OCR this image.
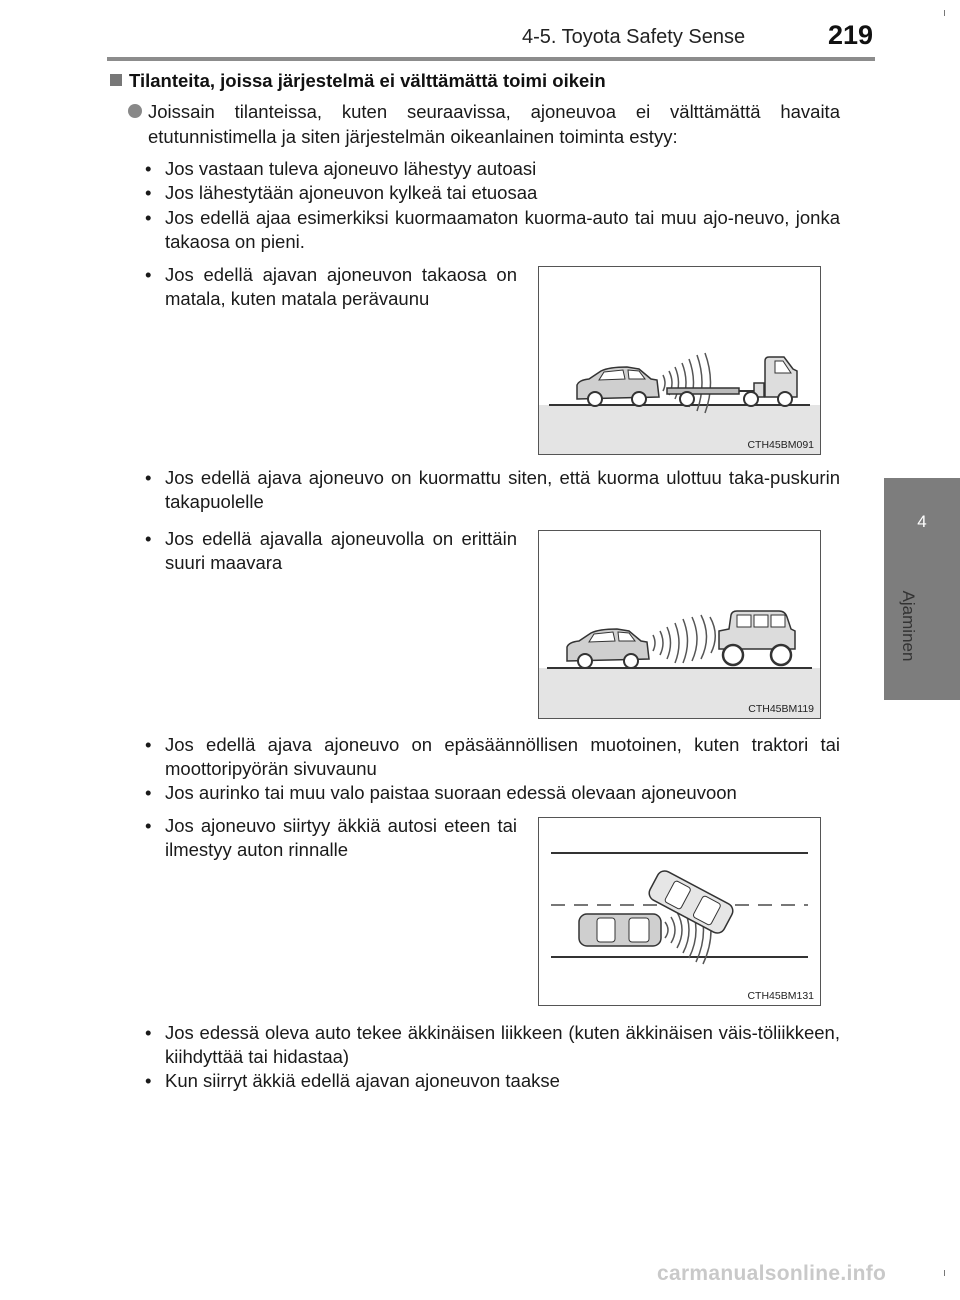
4-5. Toyota Safety Sense	219
4
Ajaminen
Tilanteita, joissa järjestelmä ei välttämättä toimi oikein

Joissain tilanteissa, kuten seuraavissa, ajoneuvoa ei välttämättä havaita etutunnistimella ja siten järjestelmän oikeanlainen toiminta estyy:

• Jos vastaan tuleva ajoneuvo lähestyy autoasi
• Jos lähestytään ajoneuvon kylkeä tai etuosaa
• Jos edellä ajaa esimerkiksi kuormaamaton kuorma-auto tai muu ajo-neuvo, jonka takaosa on pieni.
• Jos edellä ajavan ajoneuvon takaosa on matala, kuten matala perävaunu
CTH45BM091
• Jos edellä ajava ajoneuvo on kuormattu siten, että kuorma ulottuu taka-puskurin takapuolelle
• Jos edellä ajavalla ajoneuvolla on erittäin suuri maavara
CTH45BM119
• Jos edellä ajava ajoneuvo on epäsäännöllisen muotoinen, kuten traktori tai moottoripyörän sivuvaunu
• Jos aurinko tai muu valo paistaa suoraan edessä olevaan ajoneuvoon
• Jos ajoneuvo siirtyy äkkiä autosi eteen tai ilmestyy auton rinnalle
CTH45BM131
• Jos edessä oleva auto tekee äkkinäisen liikkeen (kuten äkkinäisen väis-töliikkeen, kiihdyttää tai hidastaa)
• Kun siirryt äkkiä edellä ajavan ajoneuvon taakse
carmanualsonline.info
